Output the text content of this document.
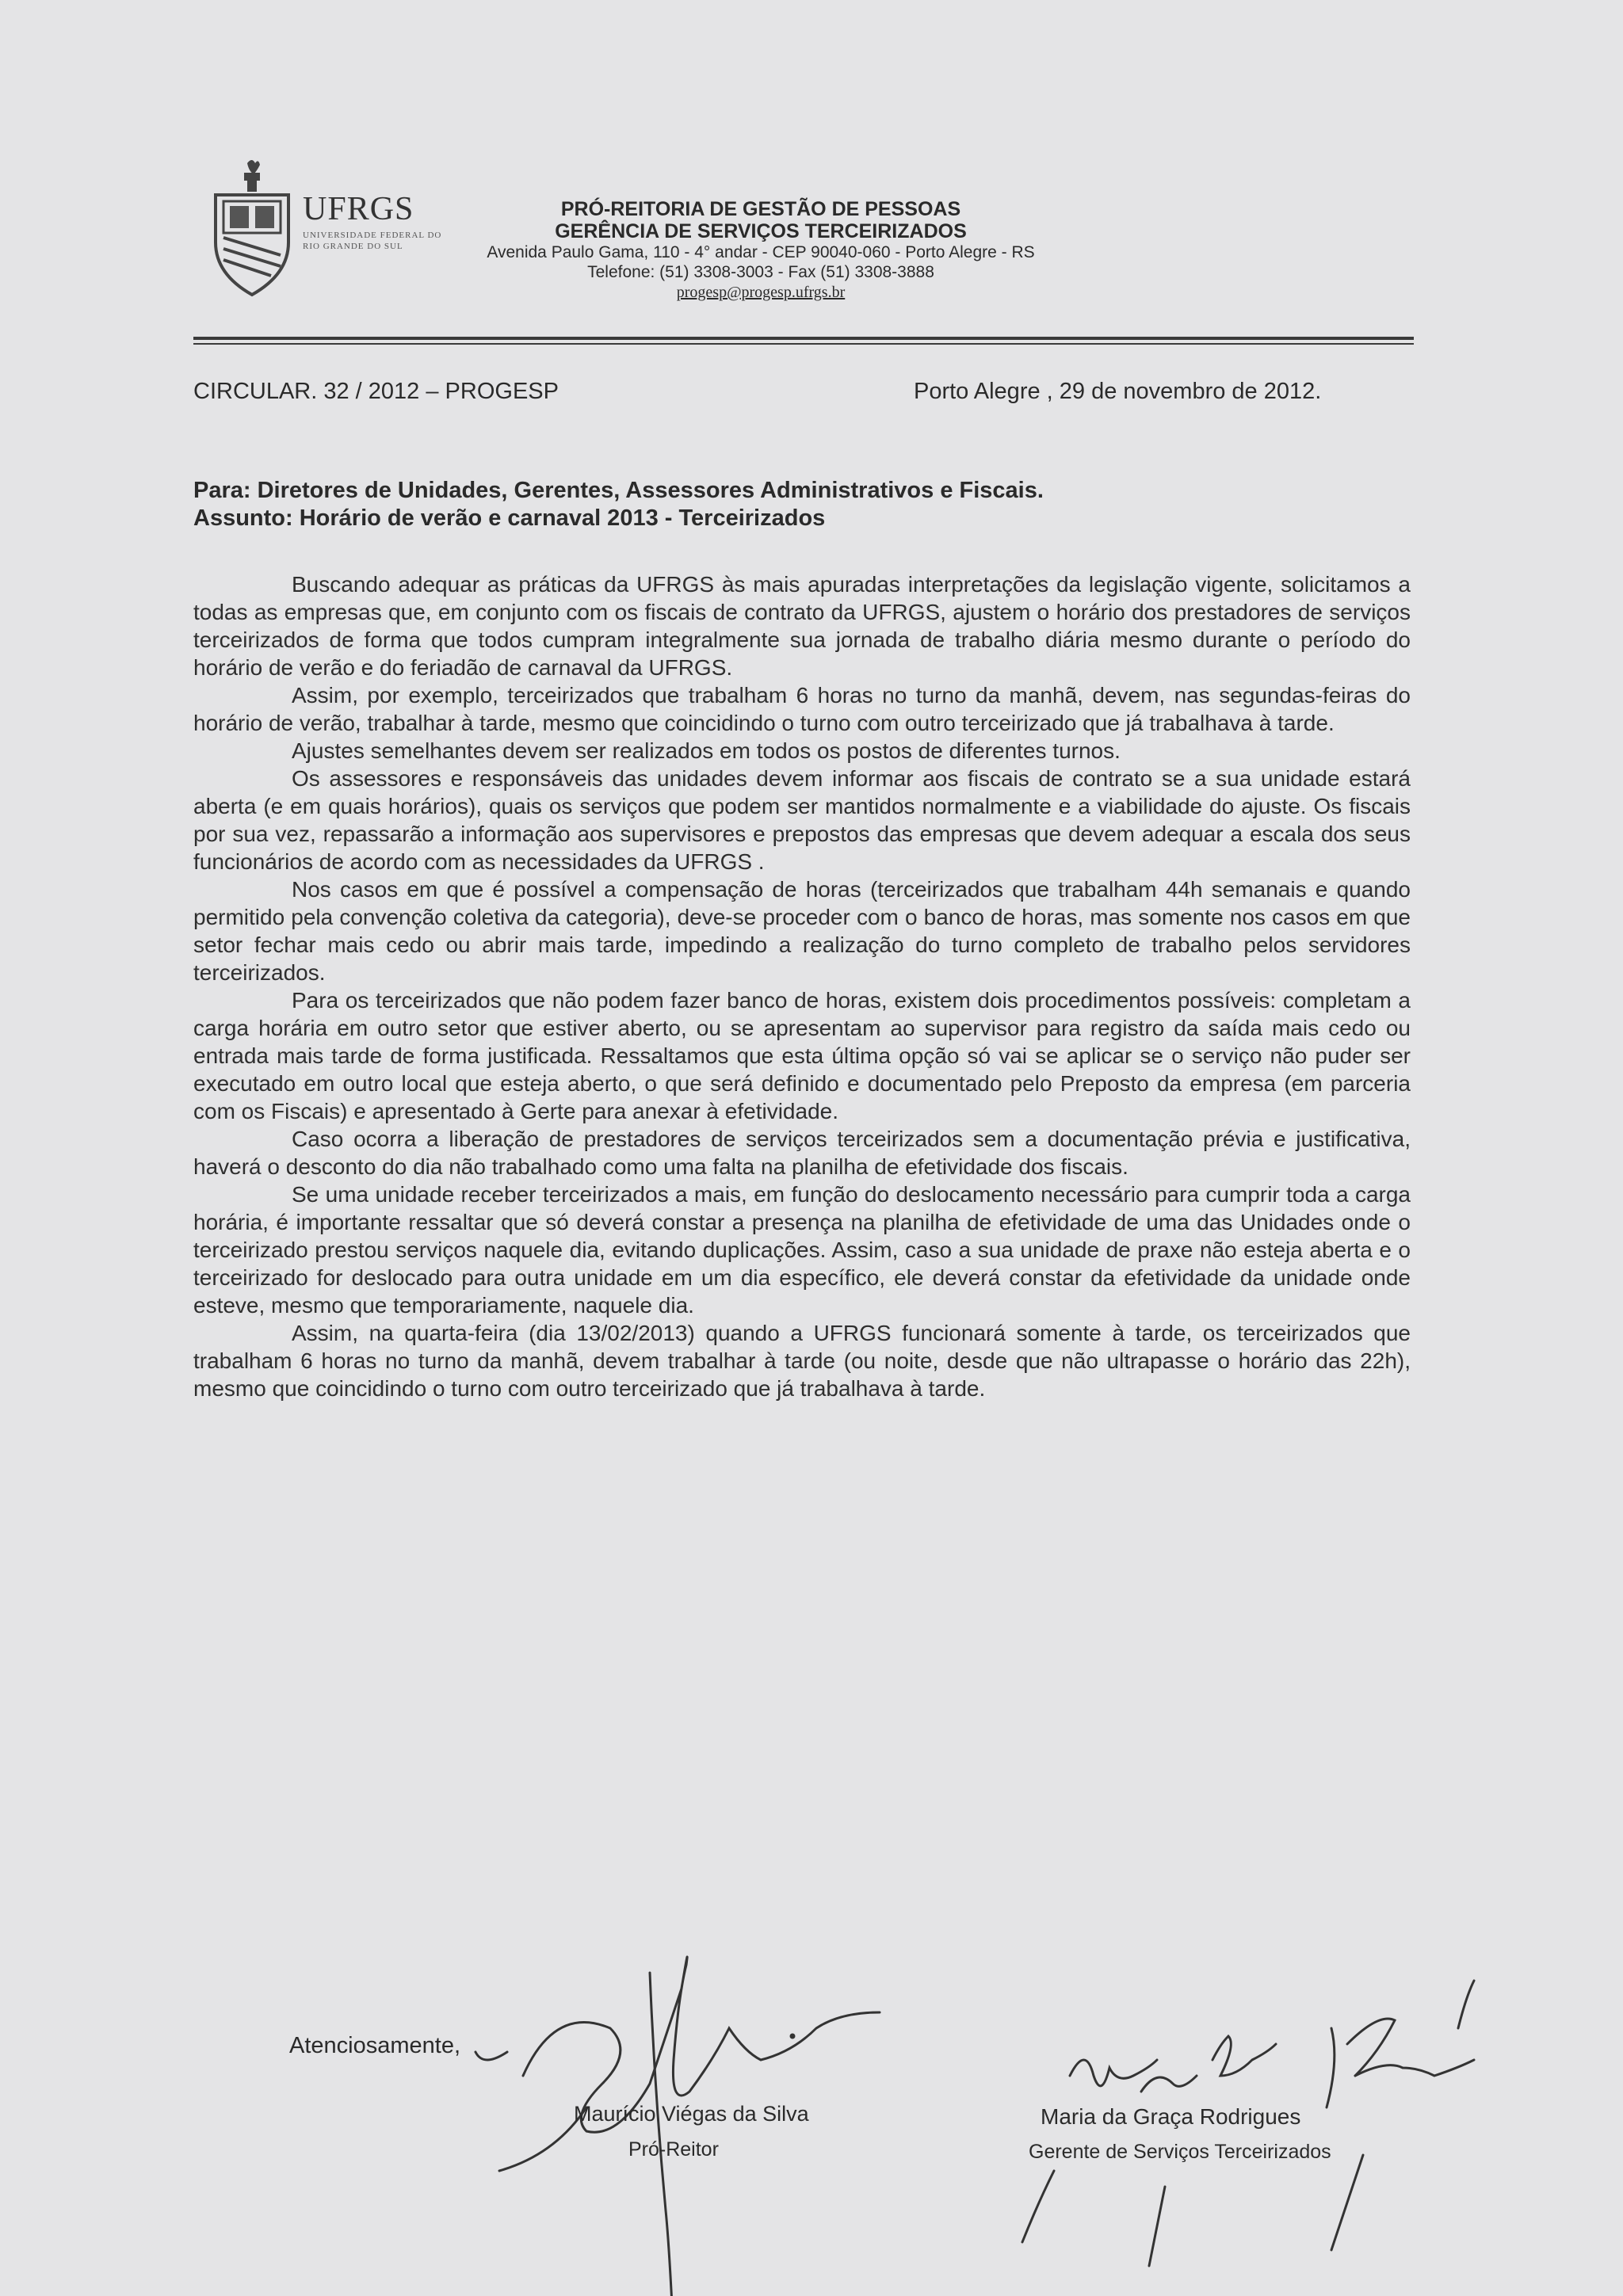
UFRGS
UNIVERSIDADE FEDERAL DO RIO GRANDE DO SUL
PRÓ-REITORIA DE GESTÃO DE PESSOAS
GERÊNCIA DE SERVIÇOS TERCEIRIZADOS
Avenida Paulo Gama, 110 - 4° andar - CEP 90040-060 - Porto Alegre - RS
Telefone: (51) 3308-3003 - Fax (51) 3308-3888
progesp@progesp.ufrgs.br
CIRCULAR. 32 / 2012 – PROGESP	Porto Alegre , 29 de novembro de 2012.
Para: Diretores de Unidades, Gerentes, Assessores Administrativos e Fiscais.
Assunto: Horário de verão e carnaval 2013 - Terceirizados

Buscando adequar as práticas da UFRGS às mais apuradas interpretações da legislação vigente, solicitamos a todas as empresas que, em conjunto com os fiscais de contrato da UFRGS, ajustem o horário dos prestadores de serviços terceirizados de forma que todos cumpram integralmente sua jornada de trabalho diária mesmo durante o período do horário de verão e do feriadão de carnaval da UFRGS.

Assim, por exemplo, terceirizados que trabalham 6 horas no turno da manhã, devem, nas segundas-feiras do horário de verão, trabalhar à tarde, mesmo que coincidindo o turno com outro terceirizado que já trabalhava à tarde.

Ajustes semelhantes devem ser realizados em todos os postos de diferentes turnos.

Os assessores e responsáveis das unidades devem informar aos fiscais de contrato se a sua unidade estará aberta (e em quais horários), quais os serviços que podem ser mantidos normalmente e a viabilidade do ajuste. Os fiscais por sua vez, repassarão a informação aos supervisores e prepostos das empresas que devem adequar a escala dos seus funcionários de acordo com as necessidades da UFRGS .

Nos casos em que é possível a compensação de horas (terceirizados que trabalham 44h semanais e quando permitido pela convenção coletiva da categoria), deve-se proceder com o banco de horas, mas somente nos casos em que setor fechar mais cedo ou abrir mais tarde, impedindo a realização do turno completo de trabalho pelos servidores terceirizados.

Para os terceirizados que não podem fazer banco de horas, existem dois procedimentos possíveis: completam a carga horária em outro setor que estiver aberto, ou se apresentam ao supervisor para registro da saída mais cedo ou entrada mais tarde de forma justificada. Ressaltamos que esta última opção só vai se aplicar se o serviço não puder ser executado em outro local que esteja aberto, o que será definido e documentado pelo Preposto da empresa (em parceria com os Fiscais) e apresentado à Gerte para anexar à efetividade.

Caso ocorra a liberação de prestadores de serviços terceirizados sem a documentação prévia e justificativa, haverá o desconto do dia não trabalhado como uma falta na planilha de efetividade dos fiscais.

Se uma unidade receber terceirizados a mais, em função do deslocamento necessário para cumprir toda a carga horária, é importante ressaltar que só deverá constar a presença na planilha de efetividade de uma das Unidades onde o terceirizado prestou serviços naquele dia, evitando duplicações. Assim, caso a sua unidade de praxe não esteja aberta e o terceirizado for deslocado para outra unidade em um dia específico, ele deverá constar da efetividade da unidade onde esteve, mesmo que temporariamente, naquele dia.

Assim, na quarta-feira (dia 13/02/2013) quando a UFRGS funcionará somente à tarde, os terceirizados que trabalham 6 horas no turno da manhã, devem trabalhar à tarde (ou noite, desde que não ultrapasse o horário das 22h), mesmo que coincidindo o turno com outro terceirizado que já trabalhava à tarde.

Atenciosamente,
Maurício Viégas da Silva
Pró-Reitor
Maria da Graça Rodrigues
Gerente de Serviços Terceirizados
